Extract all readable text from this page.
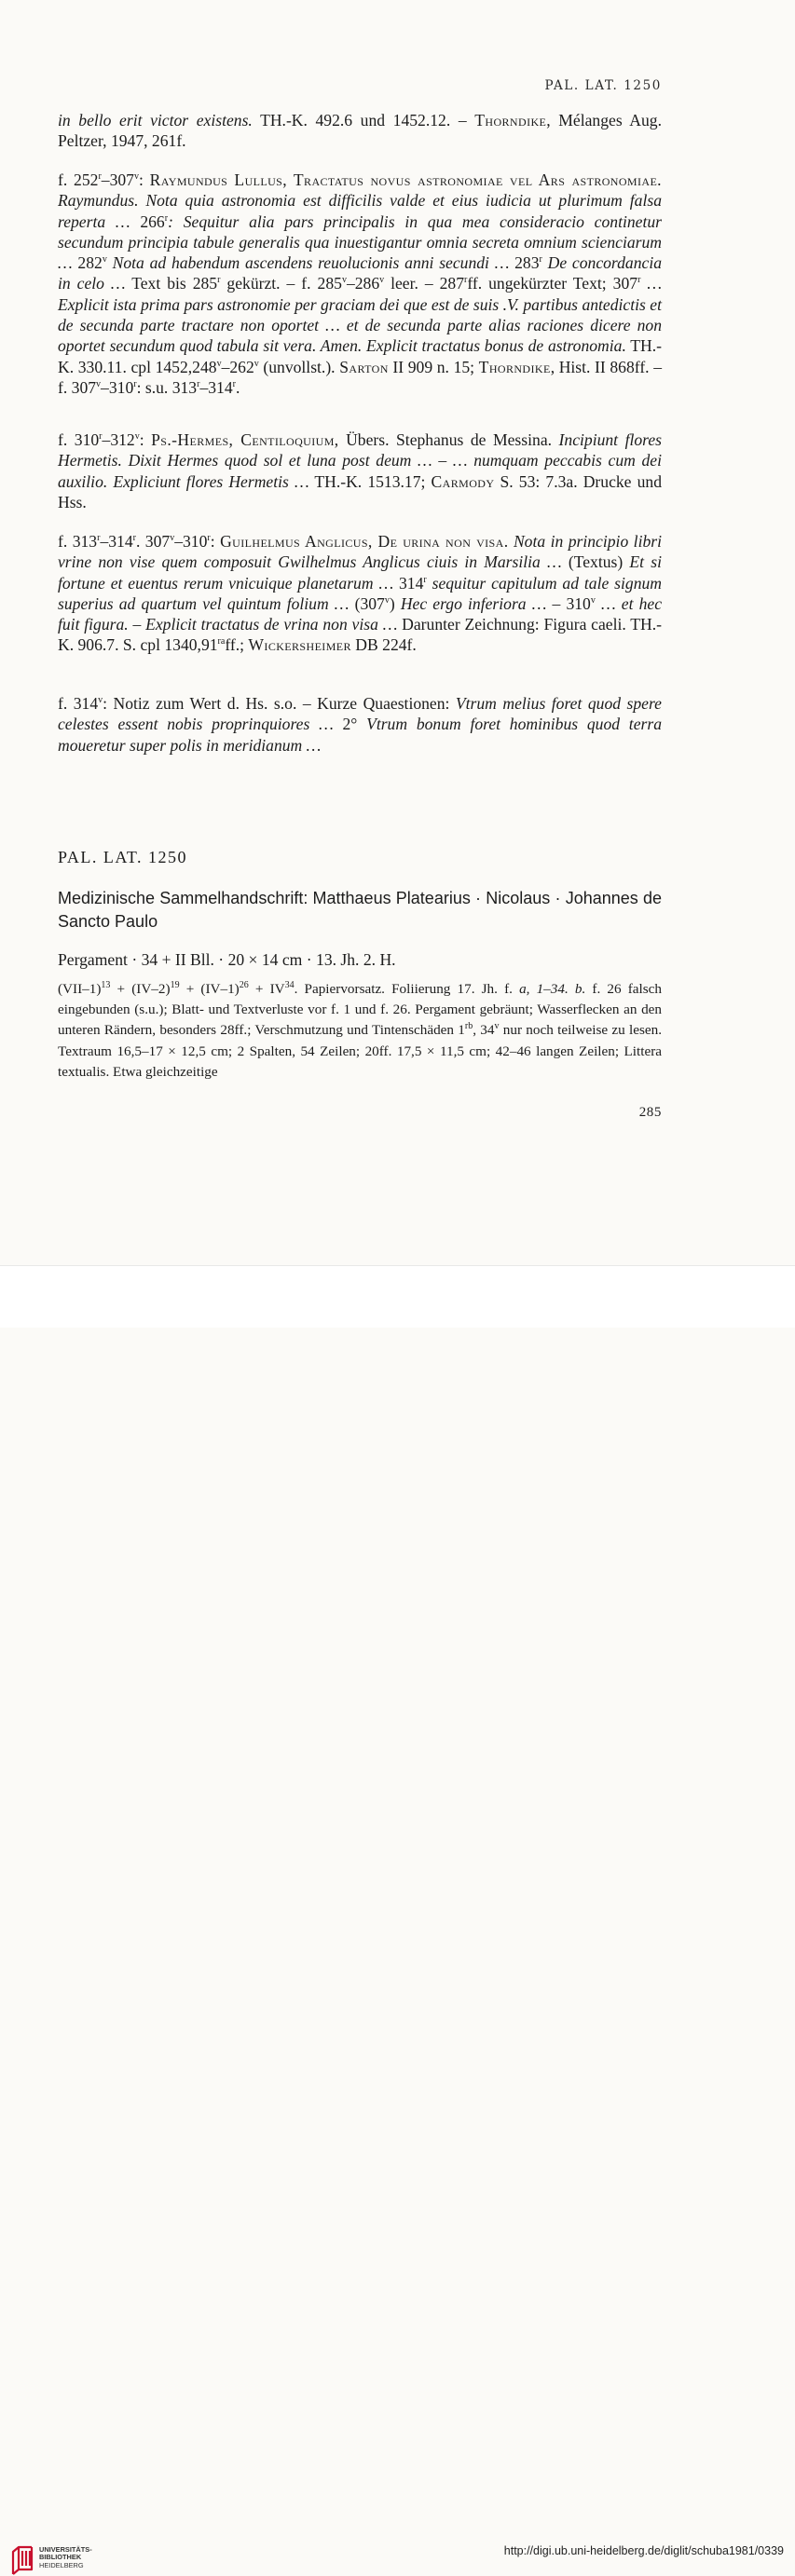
PAL. LAT. 1250

in bello erit victor existens. TH.-K. 492.6 und 1452.12. – Thorndike, Mélanges Aug. Peltzer, 1947, 261f.

f. 252$^r$–307$^v$: Raymundus Lullus, Tractatus novus astronomiae vel Ars astronomiae. Raymundus. Nota quia astronomia est difficilis valde et eius iudicia ut plurimum falsa reperta … 266$^r$: Sequitur alia pars principalis in qua mea consideracio continetur secundum principia tabule generalis qua inuestigantur omnia secreta omnium scienciarum … 282$^v$ Nota ad habendum ascendens reuolucionis anni secundi … 283$^r$ De concordancia in celo … Text bis 285$^r$ gekürzt. – f. 285$^v$–286$^v$ leer. – 287$^r$ff. ungekürzter Text; 307$^r$ … Explicit ista prima pars astronomie per graciam dei que est de suis .V. partibus antedictis et de secunda parte tractare non oportet … et de secunda parte alias raciones dicere non oportet secundum quod tabula sit vera. Amen. Explicit tractatus bonus de astronomia. TH.-K. 330.11. cpl 1452,248$^v$–262$^v$ (unvollst.). Sarton II 909 n. 15; Thorndike, Hist. II 868ff. – f. 307$^v$–310$^r$: s.u. 313$^r$–314$^r$.

f. 310$^r$–312$^v$: Ps.-Hermes, Centiloquium, Übers. Stephanus de Messina. Incipiunt flores Hermetis. Dixit Hermes quod sol et luna post deum … – … numquam peccabis cum dei auxilio. Expliciunt flores Hermetis … TH.-K. 1513.17; Carmody S. 53: 7.3a. Drucke und Hss.

f. 313$^r$–314$^r$. 307$^v$–310$^r$: Guilhelmus Anglicus, De urina non visa. Nota in principio libri vrine non vise quem composuit Gwilhelmus Anglicus ciuis in Marsilia … (Textus) Et si fortune et euentus rerum vnicuique planetarum … 314$^r$ sequitur capitulum ad tale signum superius ad quartum vel quintum folium … (307$^v$) Hec ergo inferiora … – 310$^v$ … et hec fuit figura. – Explicit tractatus de vrina non visa … Darunter Zeichnung: Figura caeli. TH.-K. 906.7. S. cpl $1340,91^{ra}ff$.; Wickersheimer DB 224f.

f. 314$^v$: Notiz zum Wert d. Hs. s.o. – Kurze Quaestionen: Vtrum melius foret quod spere celestes essent nobis proprinquiores … 2° Vtrum bonum foret hominibus quod terra moueretur super polis in meridianum …

PAL. LAT. 1250
Medizinische Sammelhandschrift: Matthaeus Platearius · Nicolaus · Johannes de Sancto Paulo
Pergament · 34 + II Bll. · 20 × 14 cm · 13. Jh. 2. H.
$(VII-1)^{13} + (IV-2)^{19} + (IV-1)^{26} + IV^{34}$. Papiervorsatz. Foliierung 17. Jh. f. a, 1–34. b. f. 26 falsch eingebunden (s.u.); Blatt- und Textverluste vor f. 1 und f. 26. Pergament gebräunt; Wasserflecken an den unteren Rändern, besonders 28ff.; Verschmutzung und Tintenschäden $1^{rb}$, 34$^v$ nur noch teilweise zu lesen. Textraum 16,5–17 × 12,5 cm; 2 Spalten, 54 Zeilen; 20ff. 17,5 × 11,5 cm; 42–46 langen Zeilen; Littera textualis. Etwa gleichzeitige
285
UNIVERSITÄTS-
BIBLIOTHEK
HEIDELBERG
http://digi.ub.uni-heidelberg.de/diglit/schuba1981/0339
